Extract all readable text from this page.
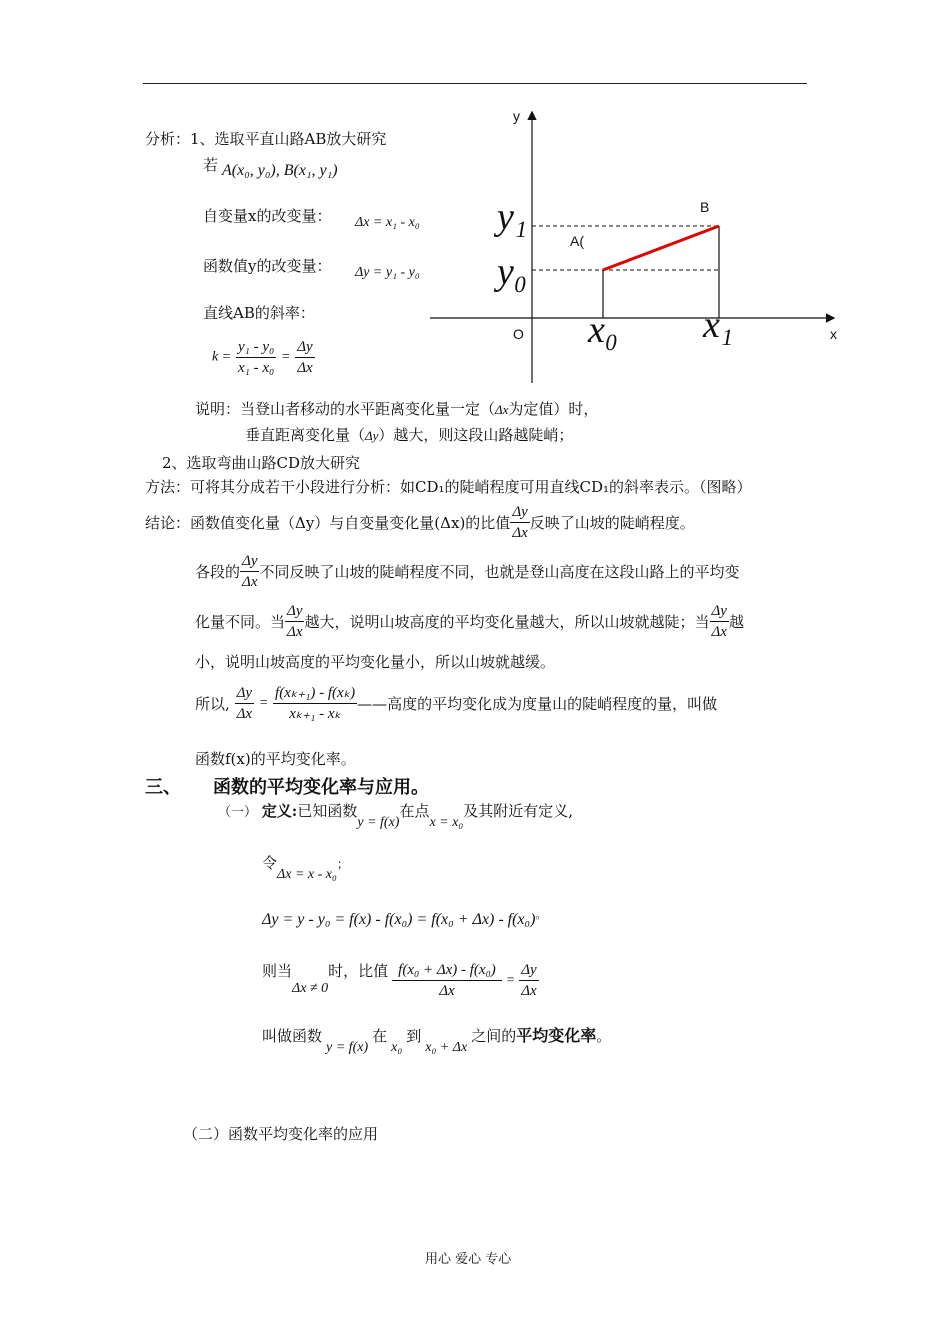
y
x
O
B
A(
y₁
y₀
x₀ x₁
分析：1、选取平直山路AB放大研究
若 A(x₀, y₀), B(x₁, y₁)
自变量x的改变量： Δx = x₁ - x₀
函数值y的改变量： Δy = y₁ - y₀
直线AB的斜率：
$k = \frac{\text{y₁ - y₀}}{\text{x₁ - x₀}} = \frac{\Delta y}{\Delta x}$
说明：当登山者移动的水平距离变化量一定（Δx为定值）时，
垂直距离变化量（Δy）越大，则这段山路越陡峭；
2、选取弯曲山路CD放大研究
方法：可将其分成若干小段进行分析：如CD₁的陡峭程度可用直线CD₁的斜率表示。（图略）
结论：函数值变化量（Δy）与自变量变化量(Δx)的比值 $\frac{\Delta y}{\Delta x}$ 反映了山坡的陡峭程度。
各段的 $\frac{\Delta y}{\Delta x}$ 不同反映了山坡的陡峭程度不同，也就是登山高度在这段山路上的平均变
化量不同。当 $\frac{\Delta y}{\Delta x}$ 越大，说明山坡高度的平均变化量越大，所以山坡就越陡；当 $\frac{\Delta y}{\Delta x}$ 越
小，说明山坡高度的平均变化量小，所以山坡就越缓。
所以, $\frac{\Delta y}{\Delta x} = \frac{\text{f(xₖ₊₁) - f(xₖ)}}{\text{xₖ₊₁ - xₖ}}$ ——高度的平均变化成为度量山的陡峭程度的量，叫做
函数f(x)的平均变化率。
三、 函数的平均变化率与应用。
（一） 定义:已知函数y = f(x)在点x = x₀及其附近有定义,
令Δx = x - x₀；
Δy = y - y₀ = f(x) - f(x₀) = f(x₀ + Δx) - f(x₀)。
则当Δx ≠ 0时，比值 $\frac{\text{f(x₀ + Δx) - f(x₀)}}{\Delta x} = \frac{\Delta y}{\Delta x}$
叫做函数y = f(x)在x₀到x₀ + Δx之间的平均变化率。
（二）函数平均变化率的应用
用心 爱心 专心
